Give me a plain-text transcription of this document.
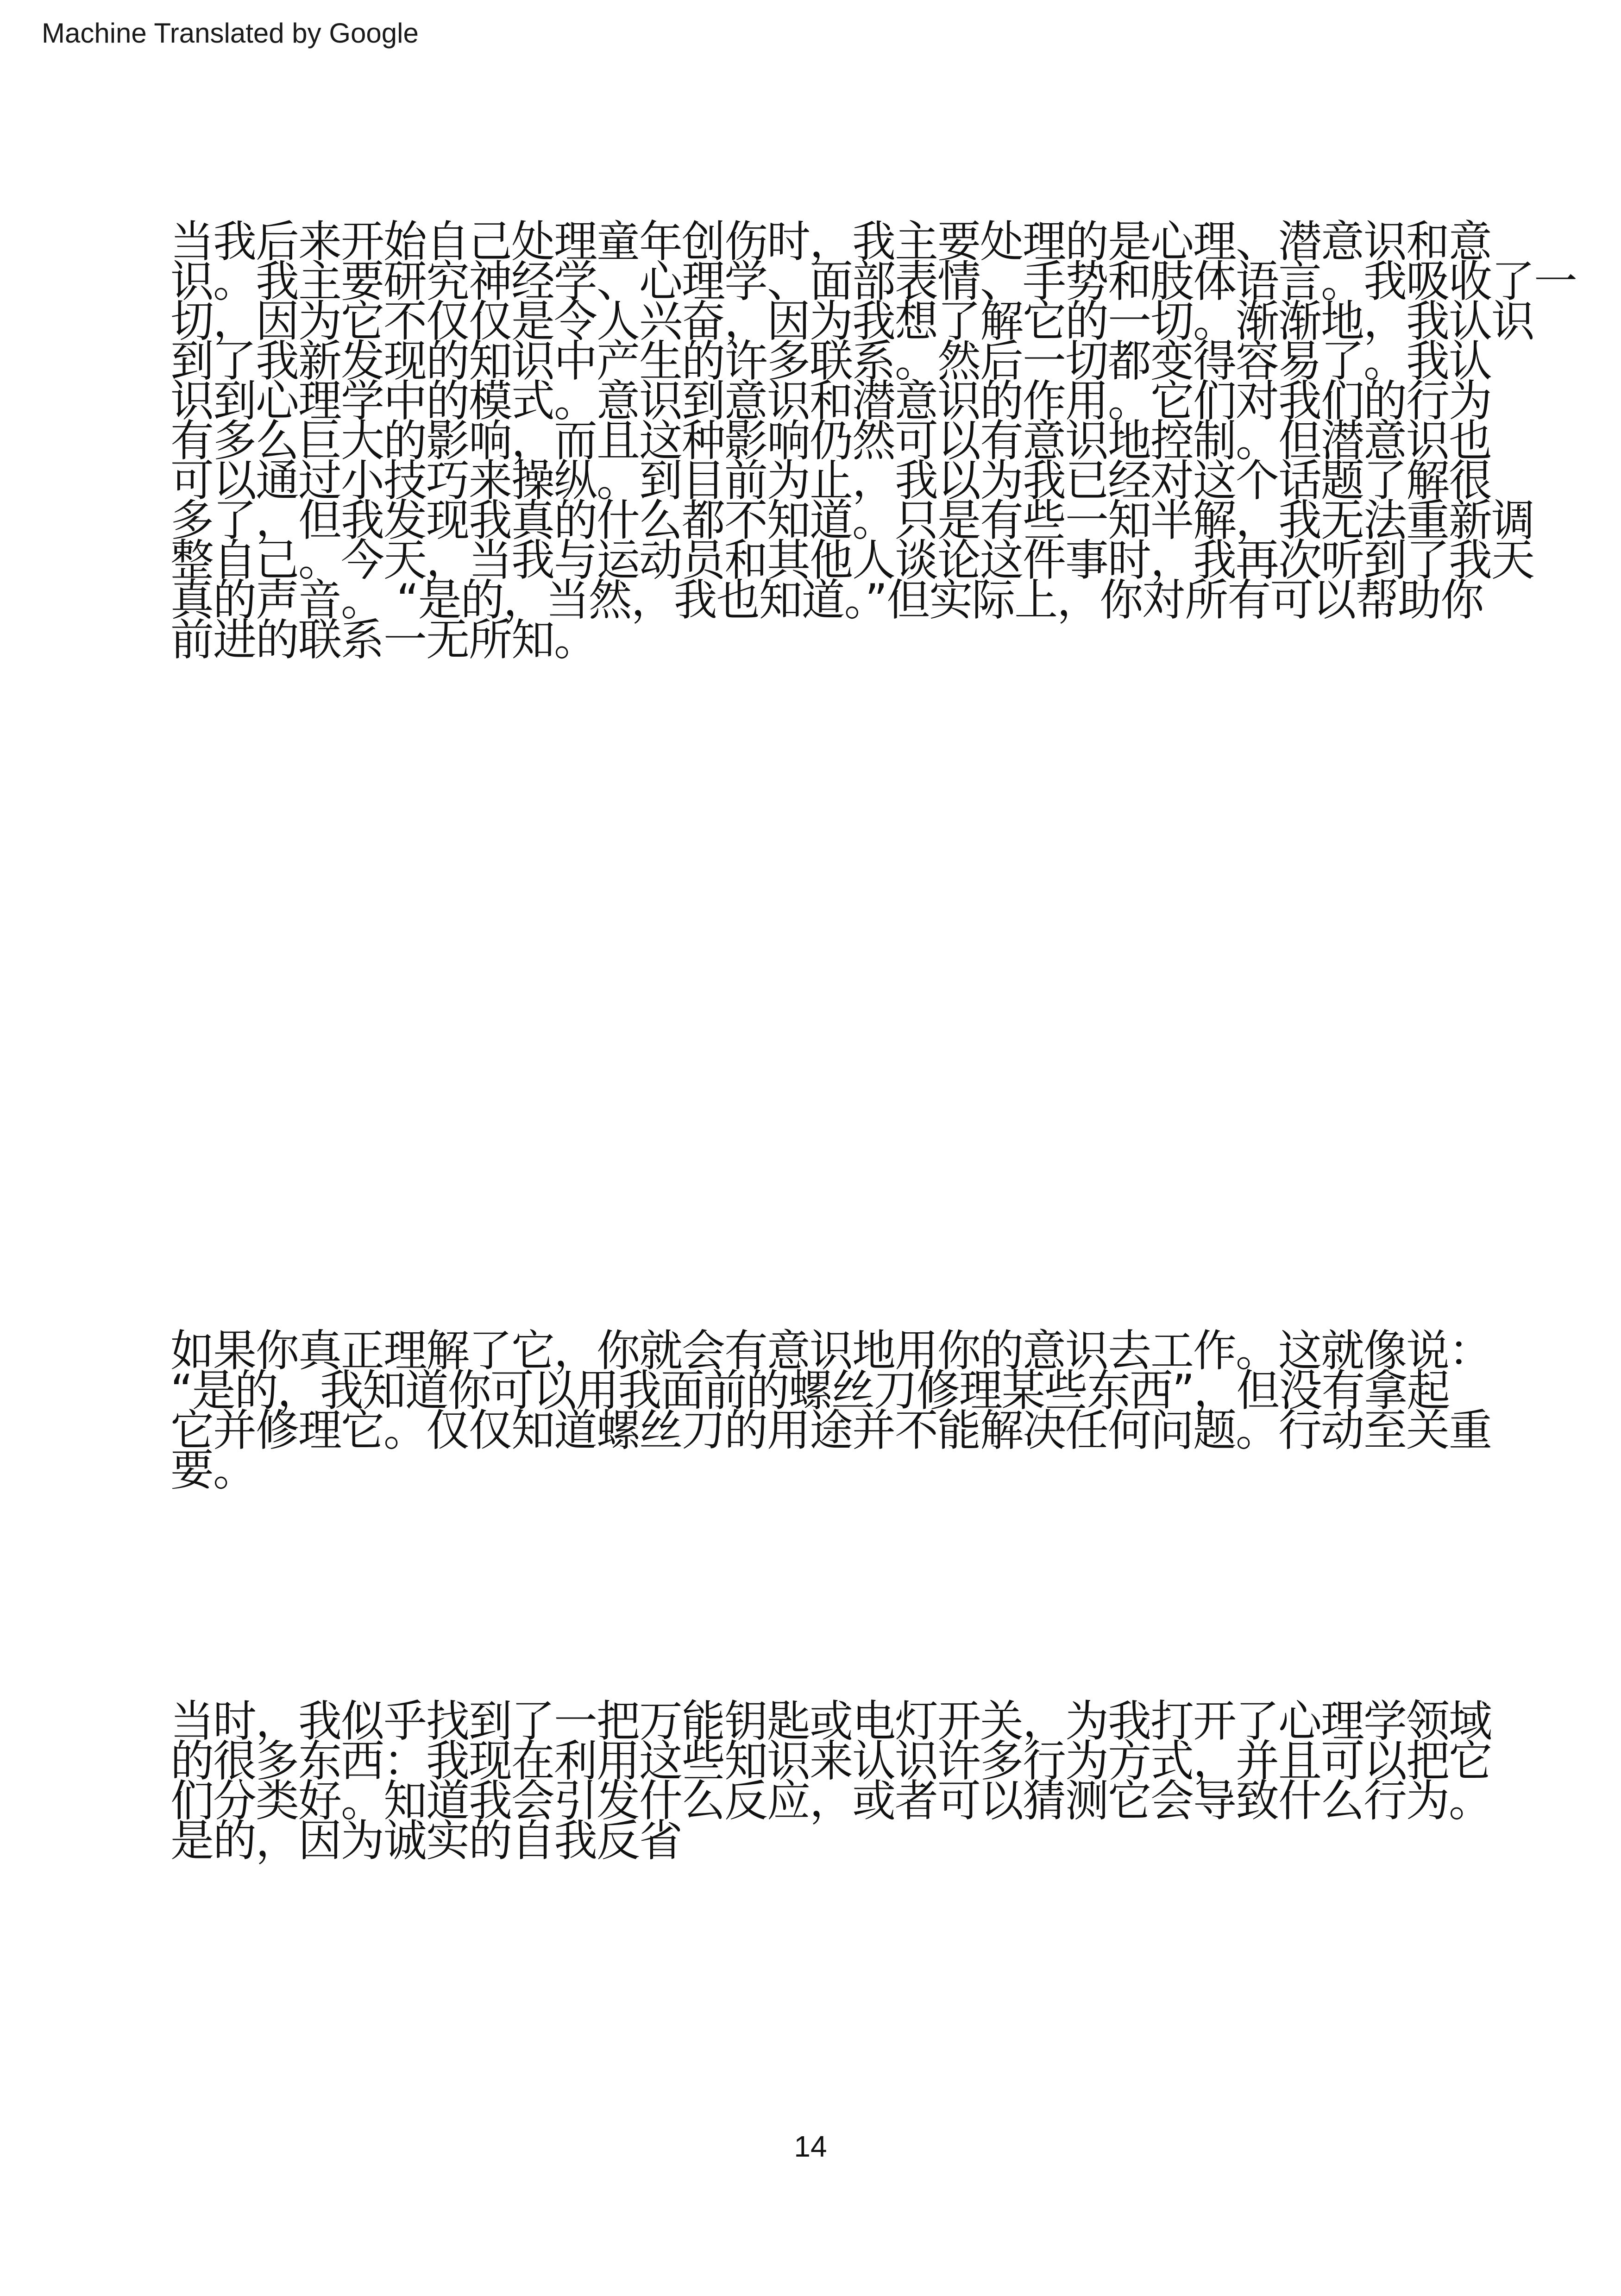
Machine Translated by Google
当我后来开始自己处理童年创伤时，我主要处理的是心理、潜意识和意
识。我主要研究神经学、心理学、面部表情、手势和肢体语言。我吸收了一
切，因为它不仅仅是令人兴奋，因为我想了解它的一切。渐渐地，我认识
到了我新发现的知识中产生的许多联系。然后一切都变得容易了。我认
识到心理学中的模式。意识到意识和潜意识的作用。它们对我们的行为
有多么巨大的影响，而且这种影响仍然可以有意识地控制。但潜意识也
可以通过小技巧来操纵。到目前为止，我以为我已经对这个话题了解很
多了，但我发现我真的什么都不知道。只是有些一知半解，我无法重新调
整自己。今天，当我与运动员和其他人谈论这件事时，我再次听到了我天
真的声音。 “是的，当然，我也知道。”但实际上，你对所有可以帮助你
前进的联系一无所知。
如果你真正理解了它，你就会有意识地用你的意识去工作。这就像说：
“是的，我知道你可以用我面前的螺丝刀修理某些东西”，但没有拿起
它并修理它。仅仅知道螺丝刀的用途并不能解决任何问题。行动至关重
要。
当时，我似乎找到了一把万能钥匙或电灯开关，为我打开了心理学领域
的很多东西：我现在利用这些知识来认识许多行为方式，并且可以把它
们分类好。知道我会引发什么反应，或者可以猜测它会导致什么行为。
是的，因为诚实的自我反省
14
